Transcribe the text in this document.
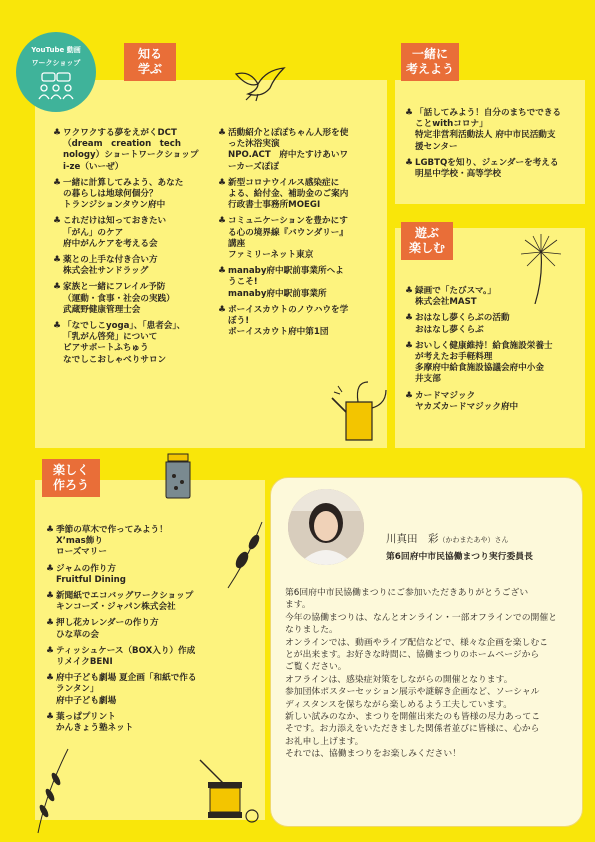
YouTube 動画
ワークショップ
知る
学ぶ
一緒に
考えよう
遊ぶ
楽しむ
楽しく
作ろう
♣ ワクワクする夢をえがくDCT
（dream　creation　tech
nology）ショートワークショップ
i-ze（いーぜ）
♣ 一緒に計算してみよう、あなた
の暮らしは地球何個分？
トランジションタウン府中
♣ これだけは知っておきたい
「がん」のケア
府中がんケアを考える会
♣ 薬との上手な付き合い方
株式会社サンドラッグ
♣ 家族と一緒にフレイル予防
（運動・食事・社会の実践）
武蔵野健康管理士会
♣ 「なでしこyoga」、「患者会」、
「乳がん啓発」について
ピアサポートふちゅう
なでしこおしゃべりサロン
♣ 活動紹介とぽぽちゃん人形を使
った沐浴実演
NPO.ACT　府中たすけあいワ
ーカーズぽぽ
♣ 新型コロナウイルス感染症に
よる、給付金、補助金のご案内
行政書士事務所MOEGI
♣ コミュニケーションを豊かにす
る心の境界線『バウンダリー』
講座
ファミリーネット東京
♣ manaby府中駅前事業所へよ
うこそ!
manaby府中駅前事業所
♣ ボーイスカウトのノウハウを学
ぼう!
ボーイスカウト府中第1団
♣ 「話してみよう！自分のまちでできる
ことwithコロナ」
特定非営利活動法人 府中市民活動支
援センター
♣ LGBTQを知り、ジェンダーを考える
明星中学校・高等学校
♣ 録画で「たびスマ。」
株式会社MAST
♣ おはなし夢くらぶの活動
おはなし夢くらぶ
♣ おいしく健康維持！給食施設栄養士
が考えたお手軽料理
多摩府中給食施設協議会府中小金
井支部
♣ カードマジック
ヤカズカードマジック府中
♣ 季節の草木で作ってみよう！
X’mas飾り
ローズマリー
♣ ジャムの作り方
Fruitful Dining
♣ 新聞紙でエコバッグワークショップ
キンコーズ・ジャパン株式会社
♣ 押し花カレンダーの作り方
ひな草の会
♣ ティッシュケース（BOX入り）作成
リメイクBENI
♣ 府中子ども劇場 夏企画「和紙で作る
ランタン」
府中子ども劇場
♣ 葉っぱプリント
かんきょう塾ネット
川真田　彩（かわまたあや）さん
第6回府中市民協働まつり実行委員長

第6回府中市民協働まつりにご参加いただきありがとうござい

ます。

今年の協働まつりは、なんとオンライン・一部オフラインでの開催と

なりました。

オンラインでは、動画やライブ配信などで、様々な企画を楽しむこ

とが出来ます。お好きな時間に、協働まつりのホームページから

ご覧ください。

オフラインは、感染症対策をしながらの開催となります。

参加団体ポスターセッション展示や謎解き企画など、ソーシャル

ディスタンスを保ちながら楽しめるよう工夫しています。

新しい試みのなか、まつりを開催出来たのも皆様の尽力あってこ

そです。お力添えをいただきました関係者並びに皆様に、心から

お礼申し上げます。

それでは、協働まつりをお楽しみください！
